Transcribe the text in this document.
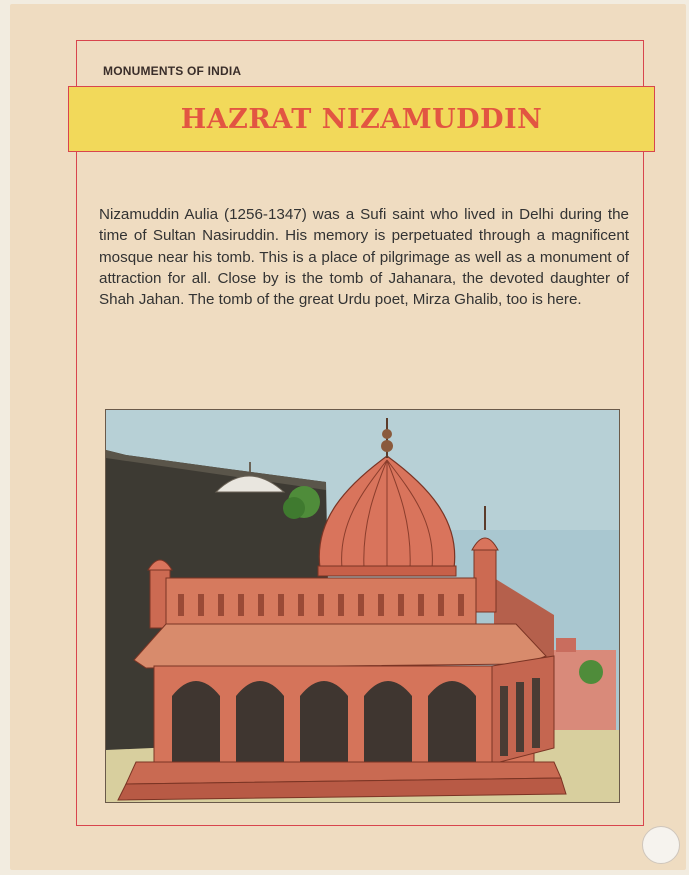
MONUMENTS OF INDIA
HAZRAT NIZAMUDDIN

Nizamuddin Aulia (1256-1347) was a Sufi saint who lived in Delhi during the time of Sultan Nasiruddin. His memory is perpetuated through a magnificent mosque near his tomb. This is a place of pilgrimage as well as a monument of attraction for all. Close by is the tomb of Jahanara, the devoted daughter of Shah Jahan. The tomb of the great Urdu poet, Mirza Ghalib, too is here.
